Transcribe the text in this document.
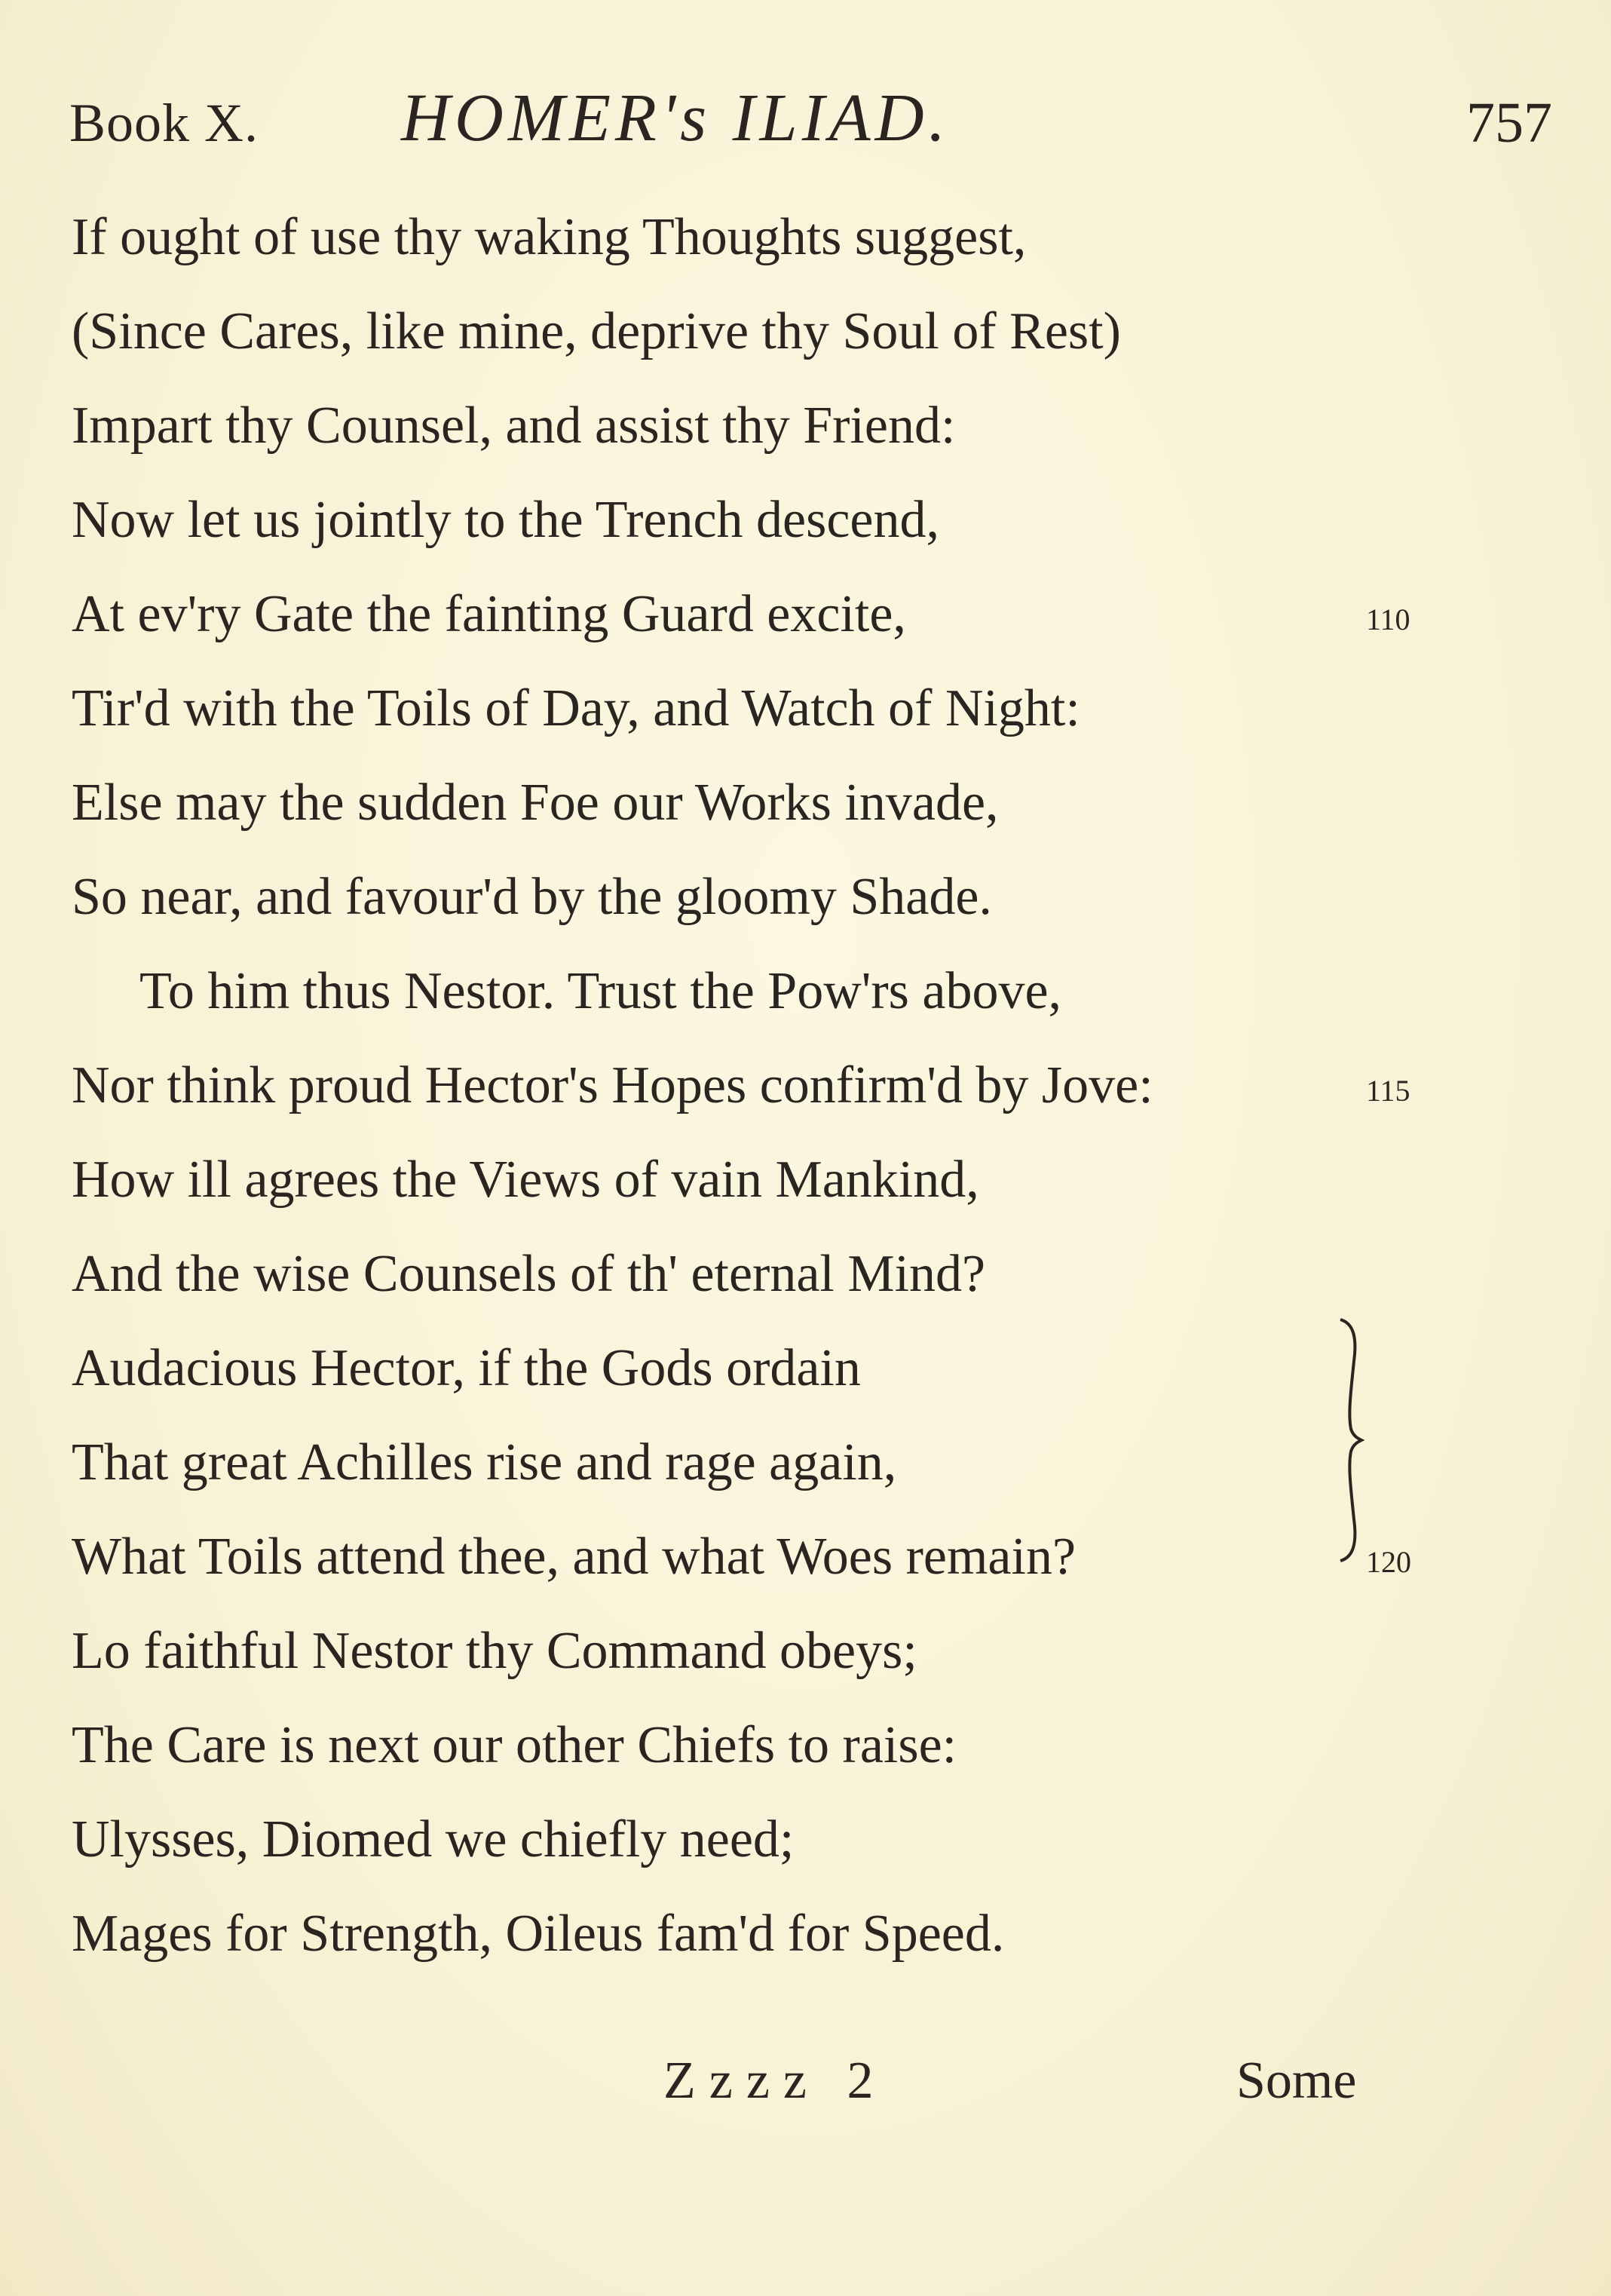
Book X. HOMER's ILIAD.	757
If ought of use thy waking Thoughts suggest,
(Since Cares, like mine, deprive thy Soul of Rest)
Impart thy Counsel, and assist thy Friend:
Now let us jointly to the Trench descend,
At ev'ry Gate the fainting Guard excite,
Tir'd with the Toils of Day, and Watch of Night:
Else may the sudden Foe our Works invade,
So near, and favour'd by the gloomy Shade.
To him thus Nestor. Trust the Pow'rs above,
Nor think proud Hector's Hopes confirm'd by Jove:
How ill agrees the Views of vain Mankind,
And the wise Counsels of th' eternal Mind?
Audacious Hector, if the Gods ordain
That great Achilles rise and rage again,
What Toils attend thee, and what Woes remain?
Lo faithful Nestor thy Command obeys;
The Care is next our other Chiefs to raise:
Ulysses, Diomed we chiefly need;
Mages for Strength, Oileus fam'd for Speed.
110
115
120
Zzzz 2	Some
